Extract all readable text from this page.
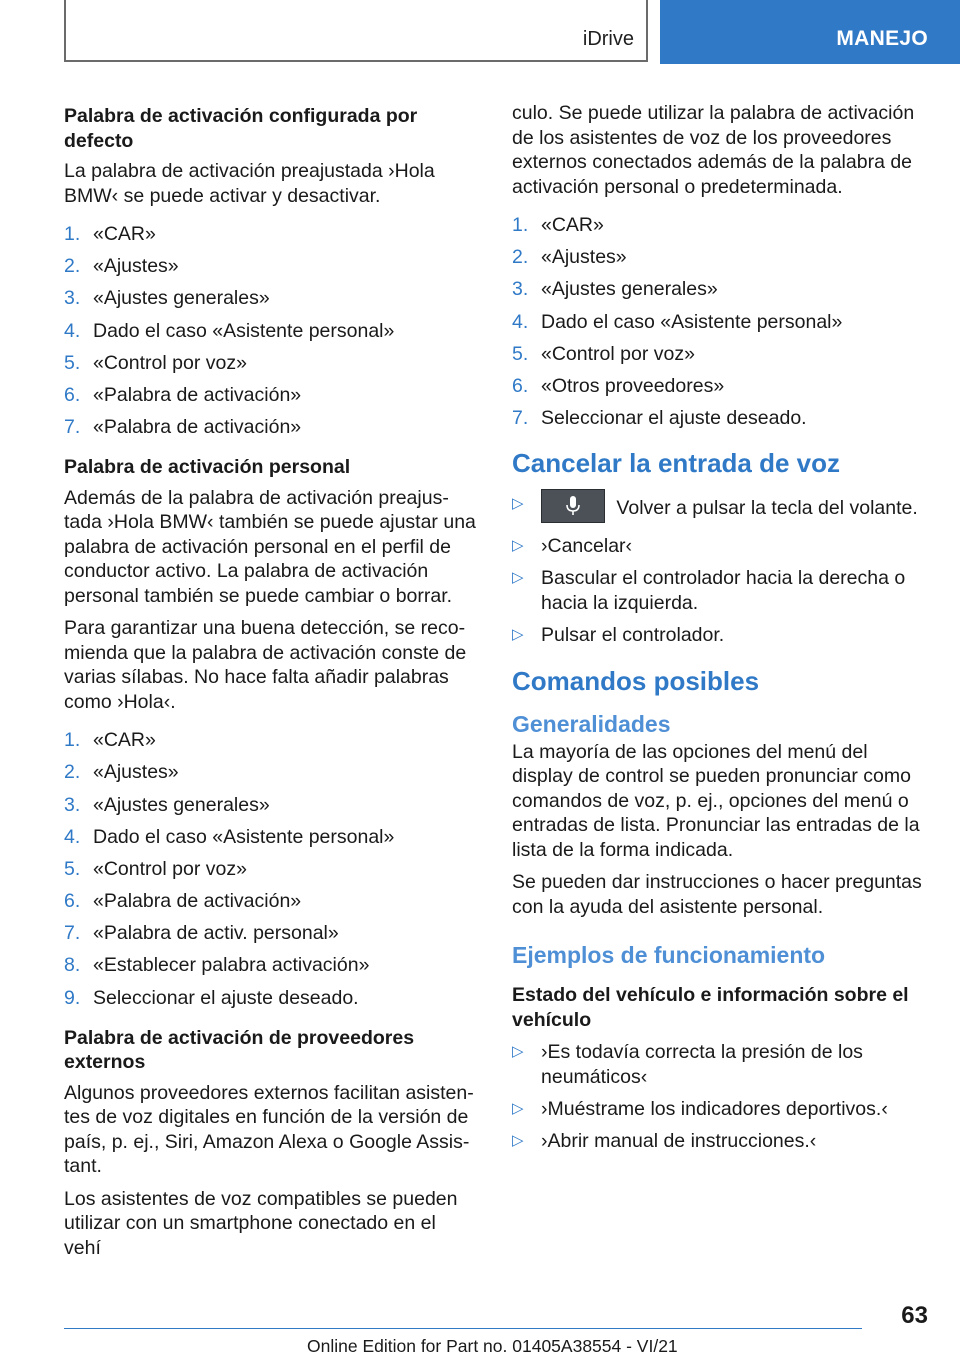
iDrive	MANEJO
Palabra de activación configurada por defecto
La palabra de activación preajustada ›Hola BMW‹ se puede activar y desactivar.
1. «CAR»
2. «Ajustes»
3. «Ajustes generales»
4. Dado el caso «Asistente personal»
5. «Control por voz»
6. «Palabra de activación»
7. «Palabra de activación»
Palabra de activación personal
Además de la palabra de activación preajustada ›Hola BMW‹ también se puede ajustar una palabra de activación personal en el perfil de conductor activo. La palabra de activación personal también se puede cambiar o borrar.
Para garantizar una buena detección, se recomienda que la palabra de activación conste de varias sílabas. No hace falta añadir palabras como ›Hola‹.
1. «CAR»
2. «Ajustes»
3. «Ajustes generales»
4. Dado el caso «Asistente personal»
5. «Control por voz»
6. «Palabra de activación»
7. «Palabra de activ. personal»
8. «Establecer palabra activación»
9. Seleccionar el ajuste deseado.
Palabra de activación de proveedores externos
Algunos proveedores externos facilitan asistentes de voz digitales en función de la versión de país, p. ej., Siri, Amazon Alexa o Google Assistant.
Los asistentes de voz compatibles se pueden utilizar con un smartphone conectado en el vehí
culo. Se puede utilizar la palabra de activación de los asistentes de voz de los proveedores externos conectados además de la palabra de activación personal o predeterminada.
1. «CAR»
2. «Ajustes»
3. «Ajustes generales»
4. Dado el caso «Asistente personal»
5. «Control por voz»
6. «Otros proveedores»
7. Seleccionar el ajuste deseado.
Cancelar la entrada de voz
▷	Volver a pulsar la tecla del volante.
▷ ›Cancelar‹
▷ Bascular el controlador hacia la derecha o hacia la izquierda.
▷ Pulsar el controlador.
Comandos posibles
Generalidades
La mayoría de las opciones del menú del display de control se pueden pronunciar como comandos de voz, p. ej., opciones del menú o entradas de lista. Pronunciar las entradas de la lista de la forma indicada.
Se pueden dar instrucciones o hacer preguntas con la ayuda del asistente personal.
Ejemplos de funcionamiento
Estado del vehículo e información sobre el vehículo
▷ ›Es todavía correcta la presión de los neumáticos‹
▷ ›Muéstrame los indicadores deportivos.‹
▷ ›Abrir manual de instrucciones.‹
63
Online Edition for Part no. 01405A38554 - VI/21
